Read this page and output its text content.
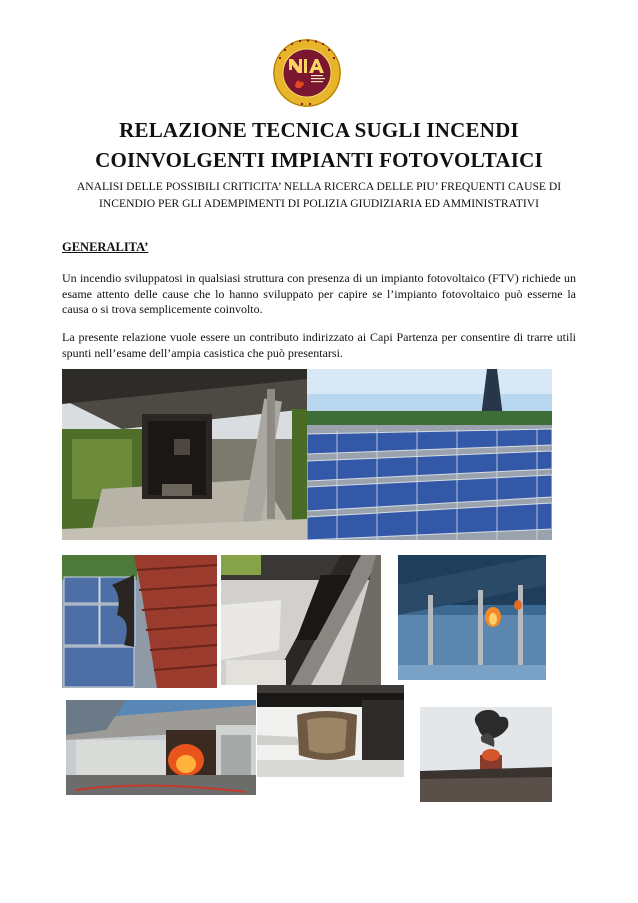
RELAZIONE TECNICA SUGLI INCENDI
COINVOLGENTI IMPIANTI FOTOVOLTAICI

ANALISI DELLE POSSIBILI CRITICITA’ NELLA RICERCA DELLE PIU’ FREQUENTI CAUSE DI INCENDIO PER GLI ADEMPIMENTI DI POLIZIA GIUDIZIARIA ED AMMINISTRATIVI

GENERALITA’

Un incendio sviluppatosi in qualsiasi struttura con presenza di un impianto fotovoltaico (FTV) richiede un esame attento delle cause che lo hanno sviluppato per capire se l’impianto fotovoltaico può esserne la causa o si trova semplicemente coinvolto.

La presente relazione vuole essere un contributo indirizzato ai Capi Partenza per consentire di trarre utili spunti nell’esame dell’ampia casistica che può presentarsi.
